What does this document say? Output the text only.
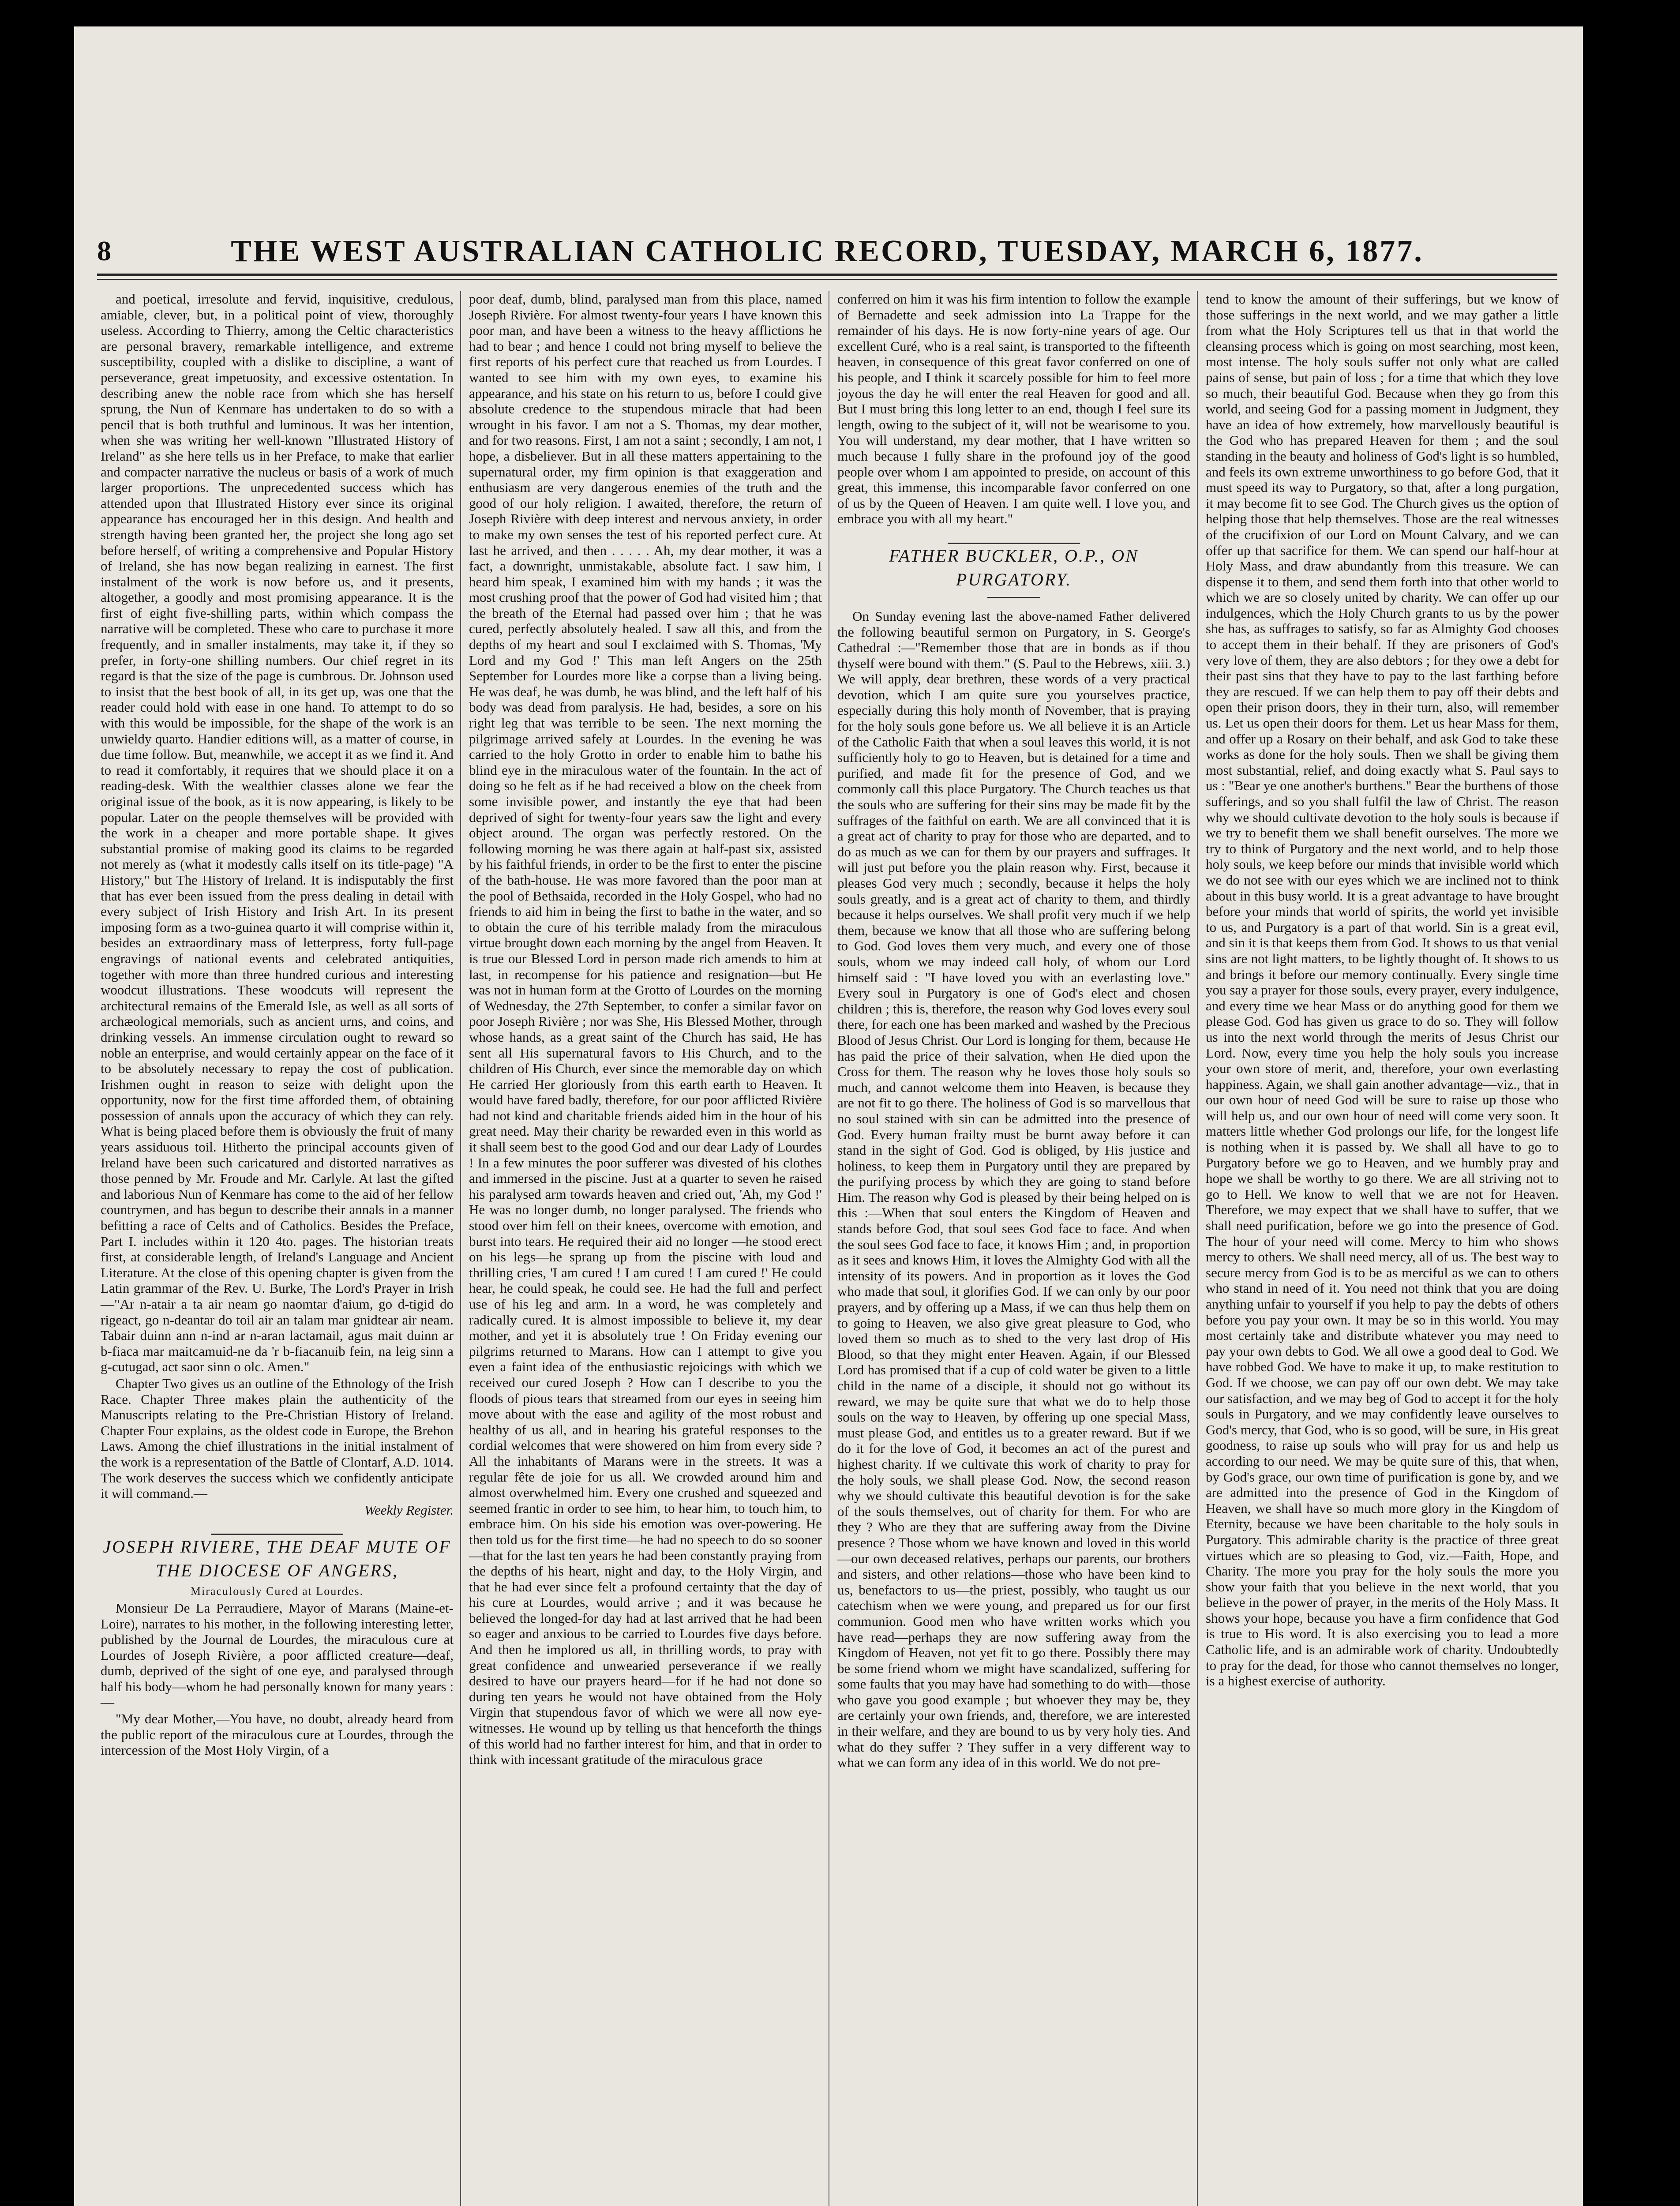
8	THE WEST AUSTRALIAN CATHOLIC RECORD, TUESDAY, MARCH 6, 1877.

and poetical, irresolute and fervid, inquisitive, credulous, amiable, clever, but, in a political point of view, thoroughly useless. According to Thierry, among the Celtic characteristics are personal bravery, remarkable intelligence, and extreme susceptibility, coupled with a dislike to discipline, a want of perseverance, great impetuosity, and excessive ostentation. In describing anew the noble race from which she has herself sprung, the Nun of Kenmare has undertaken to do so with a pencil that is both truthful and luminous. It was her intention, when she was writing her well-known "Illustrated History of Ireland" as she here tells us in her Preface, to make that earlier and compacter narrative the nucleus or basis of a work of much larger proportions. The unprecedented success which has attended upon that Illustrated History ever since its original appearance has encouraged her in this design. And health and strength having been granted her, the project she long ago set before herself, of writing a comprehensive and Popular History of Ireland, she has now began realizing in earnest. The first instalment of the work is now before us, and it presents, altogether, a goodly and most promising appearance. It is the first of eight five-shilling parts, within which compass the narrative will be completed. These who care to purchase it more frequently, and in smaller instalments, may take it, if they so prefer, in forty-one shilling numbers. Our chief regret in its regard is that the size of the page is cumbrous. Dr. Johnson used to insist that the best book of all, in its get up, was one that the reader could hold with ease in one hand. To attempt to do so with this would be impossible, for the shape of the work is an unwieldy quarto. Handier editions will, as a matter of course, in due time follow. But, meanwhile, we accept it as we find it. And to read it comfortably, it requires that we should place it on a reading-desk. With the wealthier classes alone we fear the original issue of the book, as it is now appearing, is likely to be popular. Later on the people themselves will be provided with the work in a cheaper and more portable shape. It gives substantial promise of making good its claims to be regarded not merely as (what it modestly calls itself on its title-page) "A History," but The History of Ireland. It is indisputably the first that has ever been issued from the press dealing in detail with every subject of Irish History and Irish Art. In its present imposing form as a two-guinea quarto it will comprise within it, besides an extraordinary mass of letterpress, forty full-page engravings of national events and celebrated antiquities, together with more than three hundred curious and interesting woodcut illustrations. These woodcuts will represent the architectural remains of the Emerald Isle, as well as all sorts of archæological memorials, such as ancient urns, and coins, and drinking vessels. An immense circulation ought to reward so noble an enterprise, and would certainly appear on the face of it to be absolutely necessary to repay the cost of publication. Irishmen ought in reason to seize with delight upon the opportunity, now for the first time afforded them, of obtaining possession of annals upon the accuracy of which they can rely. What is being placed before them is obviously the fruit of many years assiduous toil. Hitherto the principal accounts given of Ireland have been such caricatured and distorted narratives as those penned by Mr. Froude and Mr. Carlyle. At last the gifted and laborious Nun of Kenmare has come to the aid of her fellow countrymen, and has begun to describe their annals in a manner befitting a race of Celts and of Catholics. Besides the Preface, Part I. includes within it 120 4to. pages. The historian treats first, at considerable length, of Ireland's Language and Ancient Literature. At the close of this opening chapter is given from the Latin grammar of the Rev. U. Burke, The Lord's Prayer in Irish—"Ar n-atair a ta air neam go naomtar d'aium, go d-tigid do rigeact, go n-deantar do toil air an talam mar gnidtear air neam. Tabair duinn ann n-ind ar n-aran lactamail, agus mait duinn ar b-fiaca mar maitcamuid-ne da 'r b-fiacanuib fein, na leig sinn a g-cutugad, act saor sinn o olc. Amen."

Chapter Two gives us an outline of the Ethnology of the Irish Race. Chapter Three makes plain the authenticity of the Manuscripts relating to the Pre-Christian History of Ireland. Chapter Four explains, as the oldest code in Europe, the Brehon Laws. Among the chief illustrations in the initial instalment of the work is a representation of the Battle of Clontarf, A.D. 1014. The work deserves the success which we confidently anticipate it will command.—

Weekly Register.

JOSEPH RIVIERE, THE DEAF MUTE OF THE DIOCESE OF ANGERS,

Miraculously Cured at Lourdes.

Monsieur De La Perraudiere, Mayor of Marans (Maine-et-Loire), narrates to his mother, in the following interesting letter, published by the Journal de Lourdes, the miraculous cure at Lourdes of Joseph Rivière, a poor afflicted creature—deaf, dumb, deprived of the sight of one eye, and paralysed through half his body—whom he had personally known for many years :—

"My dear Mother,—You have, no doubt, already heard from the public report of the miraculous cure at Lourdes, through the intercession of the Most Holy Virgin, of a

poor deaf, dumb, blind, paralysed man from this place, named Joseph Rivière. For almost twenty-four years I have known this poor man, and have been a witness to the heavy afflictions he had to bear ; and hence I could not bring myself to believe the first reports of his perfect cure that reached us from Lourdes. I wanted to see him with my own eyes, to examine his appearance, and his state on his return to us, before I could give absolute credence to the stupendous miracle that had been wrought in his favor. I am not a S. Thomas, my dear mother, and for two reasons. First, I am not a saint ; secondly, I am not, I hope, a disbeliever. But in all these matters appertaining to the supernatural order, my firm opinion is that exaggeration and enthusiasm are very dangerous enemies of the truth and the good of our holy religion. I awaited, therefore, the return of Joseph Rivière with deep interest and nervous anxiety, in order to make my own senses the test of his reported perfect cure. At last he arrived, and then . . . . . Ah, my dear mother, it was a fact, a downright, unmistakable, absolute fact. I saw him, I heard him speak, I examined him with my hands ; it was the most crushing proof that the power of God had visited him ; that the breath of the Eternal had passed over him ; that he was cured, perfectly absolutely healed. I saw all this, and from the depths of my heart and soul I exclaimed with S. Thomas, 'My Lord and my God !' This man left Angers on the 25th September for Lourdes more like a corpse than a living being. He was deaf, he was dumb, he was blind, and the left half of his body was dead from paralysis. He had, besides, a sore on his right leg that was terrible to be seen. The next morning the pilgrimage arrived safely at Lourdes. In the evening he was carried to the holy Grotto in order to enable him to bathe his blind eye in the miraculous water of the fountain. In the act of doing so he felt as if he had received a blow on the cheek from some invisible power, and instantly the eye that had been deprived of sight for twenty-four years saw the light and every object around. The organ was perfectly restored. On the following morning he was there again at half-past six, assisted by his faithful friends, in order to be the first to enter the piscine of the bath-house. He was more favored than the poor man at the pool of Bethsaida, recorded in the Holy Gospel, who had no friends to aid him in being the first to bathe in the water, and so to obtain the cure of his terrible malady from the miraculous virtue brought down each morning by the angel from Heaven. It is true our Blessed Lord in person made rich amends to him at last, in recompense for his patience and resignation—but He was not in human form at the Grotto of Lourdes on the morning of Wednesday, the 27th September, to confer a similar favor on poor Joseph Rivière ; nor was She, His Blessed Mother, through whose hands, as a great saint of the Church has said, He has sent all His supernatural favors to His Church, and to the children of His Church, ever since the memorable day on which He carried Her gloriously from this earth earth to Heaven. It would have fared badly, therefore, for our poor afflicted Rivière had not kind and charitable friends aided him in the hour of his great need. May their charity be rewarded even in this world as it shall seem best to the good God and our dear Lady of Lourdes ! In a few minutes the poor sufferer was divested of his clothes and immersed in the piscine. Just at a quarter to seven he raised his paralysed arm towards heaven and cried out, 'Ah, my God !' He was no longer dumb, no longer paralysed. The friends who stood over him fell on their knees, overcome with emotion, and burst into tears. He required their aid no longer —he stood erect on his legs—he sprang up from the piscine with loud and thrilling cries, 'I am cured ! I am cured ! I am cured !' He could hear, he could speak, he could see. He had the full and perfect use of his leg and arm. In a word, he was completely and radically cured. It is almost impossible to believe it, my dear mother, and yet it is absolutely true ! On Friday evening our pilgrims returned to Marans. How can I attempt to give you even a faint idea of the enthusiastic rejoicings with which we received our cured Joseph ? How can I describe to you the floods of pious tears that streamed from our eyes in seeing him move about with the ease and agility of the most robust and healthy of us all, and in hearing his grateful responses to the cordial welcomes that were showered on him from every side ? All the inhabitants of Marans were in the streets. It was a regular fête de joie for us all. We crowded around him and almost overwhelmed him. Every one crushed and squeezed and seemed frantic in order to see him, to hear him, to touch him, to embrace him. On his side his emotion was over-powering. He then told us for the first time—he had no speech to do so sooner—that for the last ten years he had been constantly praying from the depths of his heart, night and day, to the Holy Virgin, and that he had ever since felt a profound certainty that the day of his cure at Lourdes, would arrive ; and it was because he believed the longed-for day had at last arrived that he had been so eager and anxious to be carried to Lourdes five days before. And then he implored us all, in thrilling words, to pray with great confidence and unwearied perseverance if we really desired to have our prayers heard—for if he had not done so during ten years he would not have obtained from the Holy Virgin that stupendous favor of which we were all now eye-witnesses. He wound up by telling us that henceforth the things of this world had no farther interest for him, and that in order to think with incessant gratitude of the miraculous grace

conferred on him it was his firm intention to follow the example of Bernadette and seek admission into La Trappe for the remainder of his days. He is now forty-nine years of age. Our excellent Curé, who is a real saint, is transported to the fifteenth heaven, in consequence of this great favor conferred on one of his people, and I think it scarcely possible for him to feel more joyous the day he will enter the real Heaven for good and all. But I must bring this long letter to an end, though I feel sure its length, owing to the subject of it, will not be wearisome to you. You will understand, my dear mother, that I have written so much because I fully share in the profound joy of the good people over whom I am appointed to preside, on account of this great, this immense, this incomparable favor conferred on one of us by the Queen of Heaven. I am quite well. I love you, and embrace you with all my heart."

FATHER BUCKLER, O.P., ON PURGATORY.

On Sunday evening last the above-named Father delivered the following beautiful sermon on Purgatory, in S. George's Cathedral :—"Remember those that are in bonds as if thou thyself were bound with them." (S. Paul to the Hebrews, xiii. 3.) We will apply, dear brethren, these words of a very practical devotion, which I am quite sure you yourselves practice, especially during this holy month of November, that is praying for the holy souls gone before us. We all believe it is an Article of the Catholic Faith that when a soul leaves this world, it is not sufficiently holy to go to Heaven, but is detained for a time and purified, and made fit for the presence of God, and we commonly call this place Purgatory. The Church teaches us that the souls who are suffering for their sins may be made fit by the suffrages of the faithful on earth. We are all convinced that it is a great act of charity to pray for those who are departed, and to do as much as we can for them by our prayers and suffrages. It will just put before you the plain reason why. First, because it pleases God very much ; secondly, because it helps the holy souls greatly, and is a great act of charity to them, and thirdly because it helps ourselves. We shall profit very much if we help them, because we know that all those who are suffering belong to God. God loves them very much, and every one of those souls, whom we may indeed call holy, of whom our Lord himself said : "I have loved you with an everlasting love." Every soul in Purgatory is one of God's elect and chosen children ; this is, therefore, the reason why God loves every soul there, for each one has been marked and washed by the Precious Blood of Jesus Christ. Our Lord is longing for them, because He has paid the price of their salvation, when He died upon the Cross for them. The reason why he loves those holy souls so much, and cannot welcome them into Heaven, is because they are not fit to go there. The holiness of God is so marvellous that no soul stained with sin can be admitted into the presence of God. Every human frailty must be burnt away before it can stand in the sight of God. God is obliged, by His justice and holiness, to keep them in Purgatory until they are prepared by the purifying process by which they are going to stand before Him. The reason why God is pleased by their being helped on is this :—When that soul enters the Kingdom of Heaven and stands before God, that soul sees God face to face. And when the soul sees God face to face, it knows Him ; and, in proportion as it sees and knows Him, it loves the Almighty God with all the intensity of its powers. And in proportion as it loves the God who made that soul, it glorifies God. If we can only by our poor prayers, and by offering up a Mass, if we can thus help them on to going to Heaven, we also give great pleasure to God, who loved them so much as to shed to the very last drop of His Blood, so that they might enter Heaven. Again, if our Blessed Lord has promised that if a cup of cold water be given to a little child in the name of a disciple, it should not go without its reward, we may be quite sure that what we do to help those souls on the way to Heaven, by offering up one special Mass, must please God, and entitles us to a greater reward. But if we do it for the love of God, it becomes an act of the purest and highest charity. If we cultivate this work of charity to pray for the holy souls, we shall please God. Now, the second reason why we should cultivate this beautiful devotion is for the sake of the souls themselves, out of charity for them. For who are they ? Who are they that are suffering away from the Divine presence ? Those whom we have known and loved in this world—our own deceased relatives, perhaps our parents, our brothers and sisters, and other relations—those who have been kind to us, benefactors to us—the priest, possibly, who taught us our catechism when we were young, and prepared us for our first communion. Good men who have written works which you have read—perhaps they are now suffering away from the Kingdom of Heaven, not yet fit to go there. Possibly there may be some friend whom we might have scandalized, suffering for some faults that you may have had something to do with—those who gave you good example ; but whoever they may be, they are certainly your own friends, and, therefore, we are interested in their welfare, and they are bound to us by very holy ties. And what do they suffer ? They suffer in a very different way to what we can form any idea of in this world. We do not pre-

tend to know the amount of their sufferings, but we know of those sufferings in the next world, and we may gather a little from what the Holy Scriptures tell us that in that world the cleansing process which is going on most searching, most keen, most intense. The holy souls suffer not only what are called pains of sense, but pain of loss ; for a time that which they love so much, their beautiful God. Because when they go from this world, and seeing God for a passing moment in Judgment, they have an idea of how extremely, how marvellously beautiful is the God who has prepared Heaven for them ; and the soul standing in the beauty and holiness of God's light is so humbled, and feels its own extreme unworthiness to go before God, that it must speed its way to Purgatory, so that, after a long purgation, it may become fit to see God. The Church gives us the option of helping those that help themselves. Those are the real witnesses of the crucifixion of our Lord on Mount Calvary, and we can offer up that sacrifice for them. We can spend our half-hour at Holy Mass, and draw abundantly from this treasure. We can dispense it to them, and send them forth into that other world to which we are so closely united by charity. We can offer up our indulgences, which the Holy Church grants to us by the power she has, as suffrages to satisfy, so far as Almighty God chooses to accept them in their behalf. If they are prisoners of God's very love of them, they are also debtors ; for they owe a debt for their past sins that they have to pay to the last farthing before they are rescued. If we can help them to pay off their debts and open their prison doors, they in their turn, also, will remember us. Let us open their doors for them. Let us hear Mass for them, and offer up a Rosary on their behalf, and ask God to take these works as done for the holy souls. Then we shall be giving them most substantial, relief, and doing exactly what S. Paul says to us : "Bear ye one another's burthens." Bear the burthens of those sufferings, and so you shall fulfil the law of Christ. The reason why we should cultivate devotion to the holy souls is because if we try to benefit them we shall benefit ourselves. The more we try to think of Purgatory and the next world, and to help those holy souls, we keep before our minds that invisible world which we do not see with our eyes which we are inclined not to think about in this busy world. It is a great advantage to have brought before your minds that world of spirits, the world yet invisible to us, and Purgatory is a part of that world. Sin is a great evil, and sin it is that keeps them from God. It shows to us that venial sins are not light matters, to be lightly thought of. It shows to us and brings it before our memory continually. Every single time you say a prayer for those souls, every prayer, every indulgence, and every time we hear Mass or do anything good for them we please God. God has given us grace to do so. They will follow us into the next world through the merits of Jesus Christ our Lord. Now, every time you help the holy souls you increase your own store of merit, and, therefore, your own everlasting happiness. Again, we shall gain another advantage—viz., that in our own hour of need God will be sure to raise up those who will help us, and our own hour of need will come very soon. It matters little whether God prolongs our life, for the longest life is nothing when it is passed by. We shall all have to go to Purgatory before we go to Heaven, and we humbly pray and hope we shall be worthy to go there. We are all striving not to go to Hell. We know to well that we are not for Heaven. Therefore, we may expect that we shall have to suffer, that we shall need purification, before we go into the presence of God. The hour of your need will come. Mercy to him who shows mercy to others. We shall need mercy, all of us. The best way to secure mercy from God is to be as merciful as we can to others who stand in need of it. You need not think that you are doing anything unfair to yourself if you help to pay the debts of others before you pay your own. It may be so in this world. You may most certainly take and distribute whatever you may need to pay your own debts to God. We all owe a good deal to God. We have robbed God. We have to make it up, to make restitution to God. If we choose, we can pay off our own debt. We may take our satisfaction, and we may beg of God to accept it for the holy souls in Purgatory, and we may confidently leave ourselves to God's mercy, that God, who is so good, will be sure, in His great goodness, to raise up souls who will pray for us and help us according to our need. We may be quite sure of this, that when, by God's grace, our own time of purification is gone by, and we are admitted into the presence of God in the Kingdom of Heaven, we shall have so much more glory in the Kingdom of Eternity, because we have been charitable to the holy souls in Purgatory. This admirable charity is the practice of three great virtues which are so pleasing to God, viz.—Faith, Hope, and Charity. The more you pray for the holy souls the more you show your faith that you believe in the next world, that you believe in the power of prayer, in the merits of the Holy Mass. It shows your hope, because you have a firm confidence that God is true to His word. It is also exercising you to lead a more Catholic life, and is an admirable work of charity. Undoubtedly to pray for the dead, for those who cannot themselves no longer, is a highest exercise of authority.
